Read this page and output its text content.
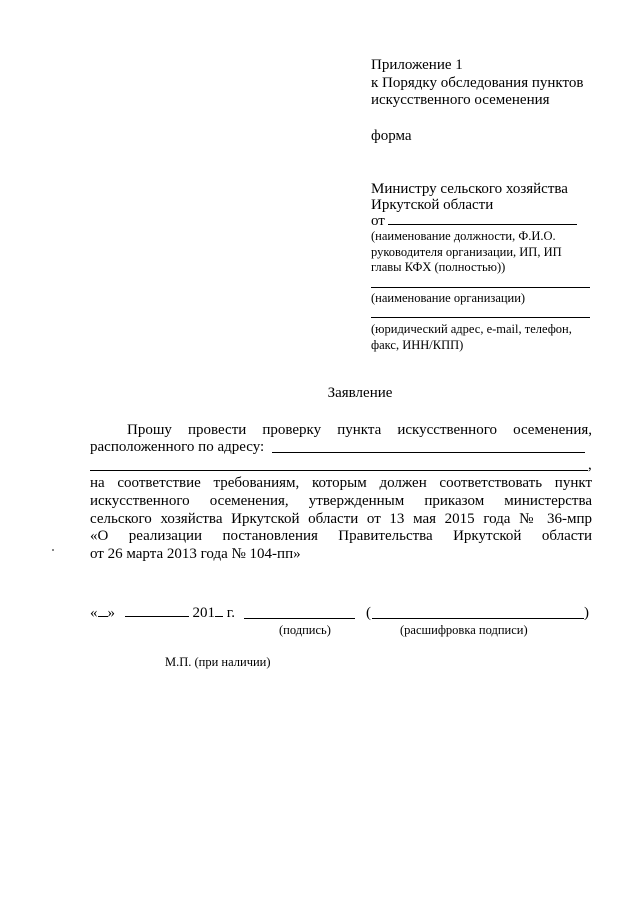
Приложение 1
к Порядку обследования пунктов
искусственного осеменения
форма
Министру сельского хозяйства
Иркутской области
от
(наименование должности, Ф.И.О.
руководителя организации, ИП, ИП
главы КФХ (полностью))
(наименование организации)
(юридический адрес, e-mail, телефон,
факс, ИНН/КПП)
Заявление
Прошу провести проверку пункта искусственного осеменения,
расположенного по адресу:
,
на соответствие требованиям, которым должен соответствовать пункт
искусственного осеменения, утвержденным приказом министерства
сельского хозяйства Иркутской области от 13 мая 2015 года № 36-мпр
«О реализации постановления Правительства Иркутской области
от 26 марта 2013 года № 104-пп»
« »	201 г.	(	)
(подпись)	(расшифровка подписи)
М.П. (при наличии)
